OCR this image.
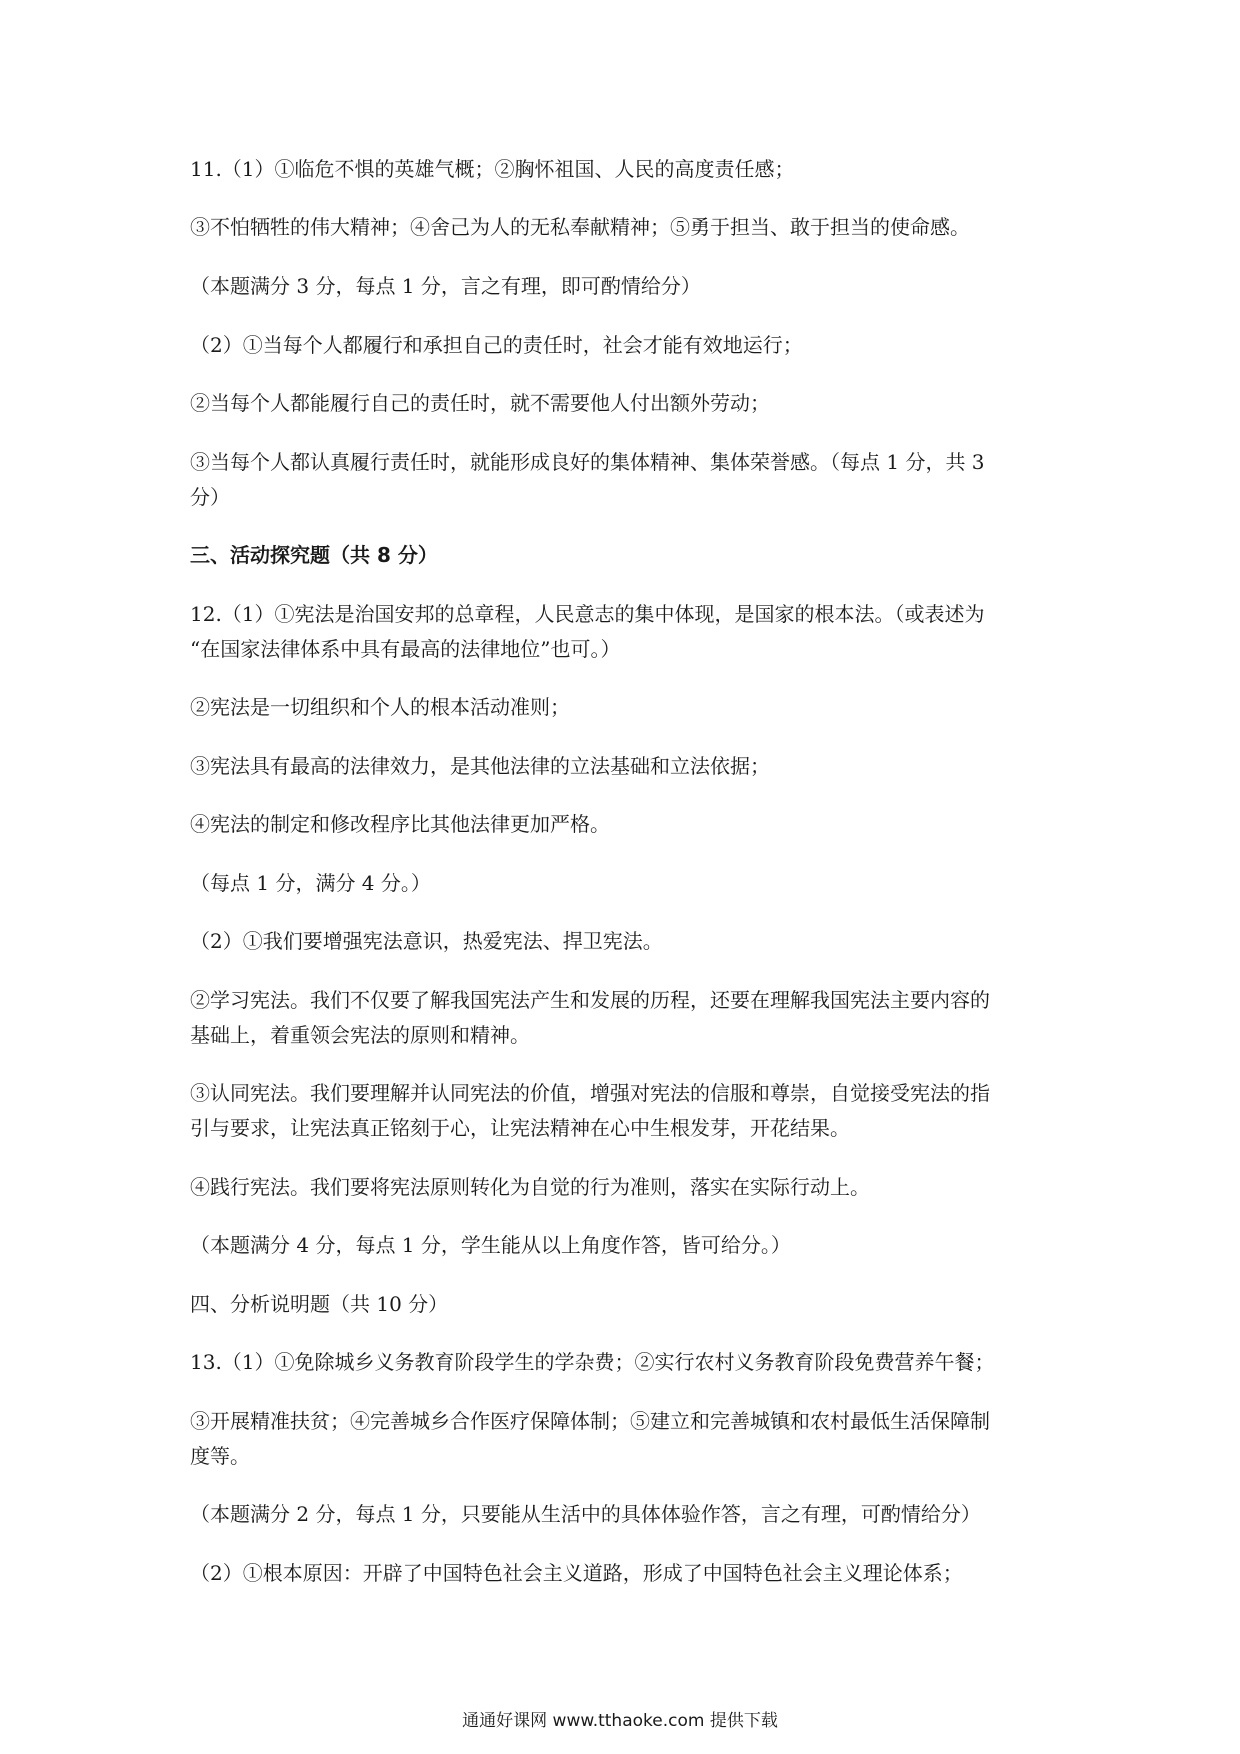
11.（1）①临危不惧的英雄气概；②胸怀祖国、人民的高度责任感；
③不怕牺牲的伟大精神；④舍己为人的无私奉献精神；⑤勇于担当、敢于担当的使命感。
（本题满分 3 分，每点 1 分，言之有理，即可酌情给分）
（2）①当每个人都履行和承担自己的责任时，社会才能有效地运行；
②当每个人都能履行自己的责任时，就不需要他人付出额外劳动；
③当每个人都认真履行责任时，就能形成良好的集体精神、集体荣誉感。（每点 1 分，共 3
分）
三、活动探究题（共 8 分）
12.（1）①宪法是治国安邦的总章程，人民意志的集中体现，是国家的根本法。（或表述为
“在国家法律体系中具有最高的法律地位”也可。）
②宪法是一切组织和个人的根本活动准则；
③宪法具有最高的法律效力，是其他法律的立法基础和立法依据；
④宪法的制定和修改程序比其他法律更加严格。
（每点 1 分，满分 4 分。）
（2）①我们要增强宪法意识，热爱宪法、捍卫宪法。
②学习宪法。我们不仅要了解我国宪法产生和发展的历程，还要在理解我国宪法主要内容的
基础上，着重领会宪法的原则和精神。
③认同宪法。我们要理解并认同宪法的价值，增强对宪法的信服和尊崇，自觉接受宪法的指
引与要求，让宪法真正铭刻于心，让宪法精神在心中生根发芽，开花结果。
④践行宪法。我们要将宪法原则转化为自觉的行为准则，落实在实际行动上。
（本题满分 4 分，每点 1 分，学生能从以上角度作答，皆可给分。）
四、分析说明题（共 10 分）
13.（1）①免除城乡义务教育阶段学生的学杂费；②实行农村义务教育阶段免费营养午餐；
③开展精准扶贫；④完善城乡合作医疗保障体制；⑤建立和完善城镇和农村最低生活保障制
度等。
（本题满分 2 分，每点 1 分，只要能从生活中的具体体验作答，言之有理，可酌情给分）
（2）①根本原因：开辟了中国特色社会主义道路，形成了中国特色社会主义理论体系；
通通好课网 www.tthaoke.com 提供下载
